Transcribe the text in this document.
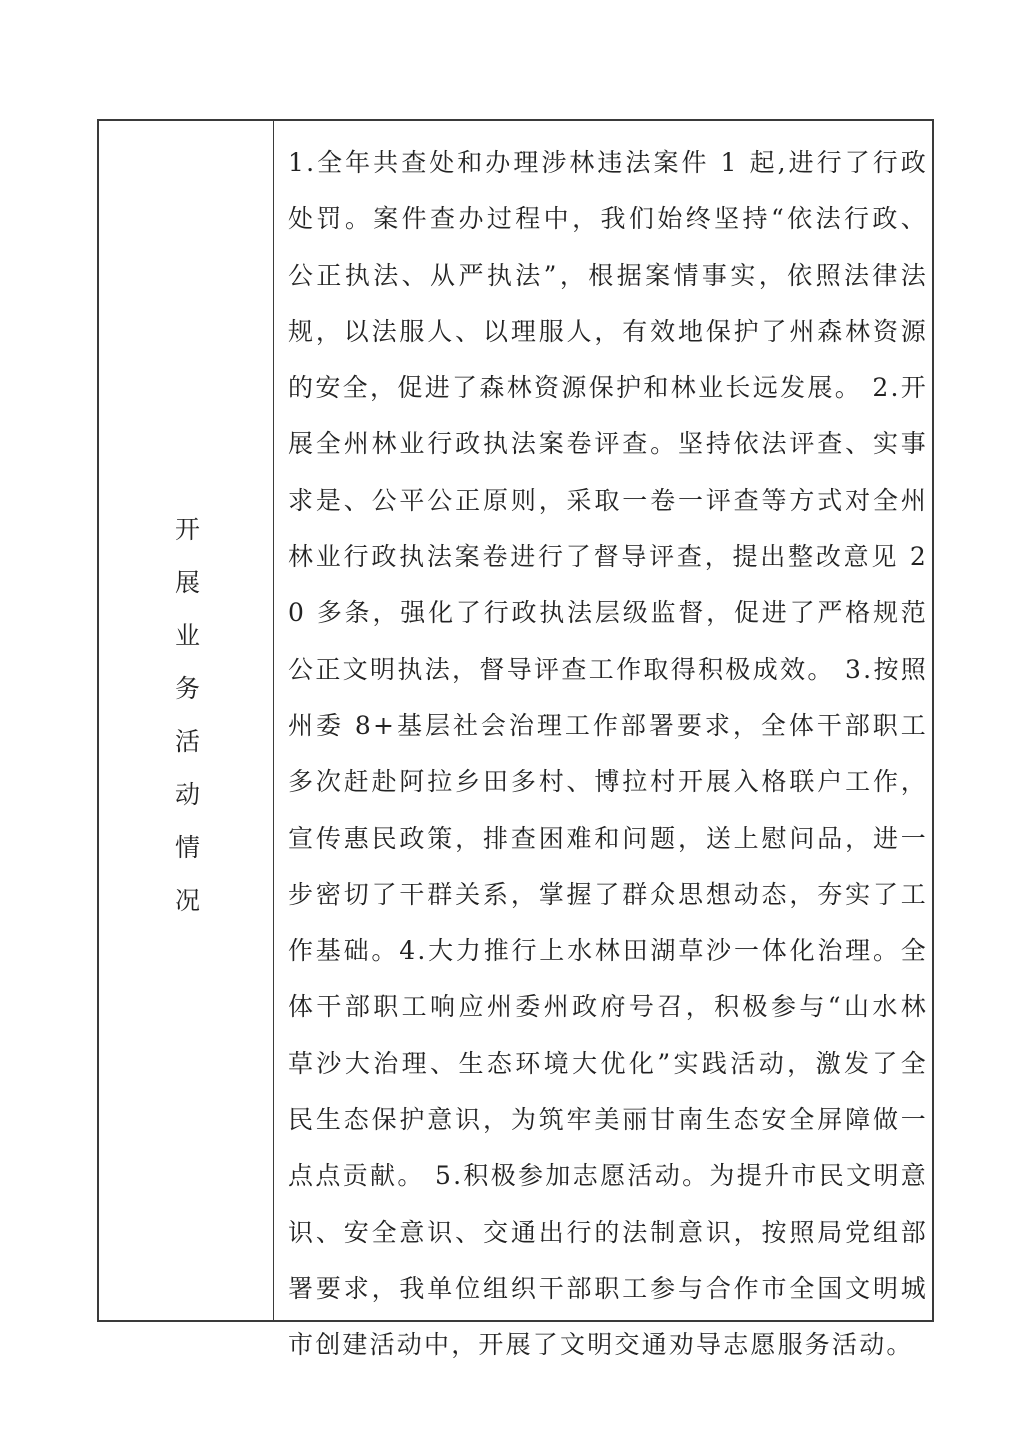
开展业务活动情况

1.全年共查处和办理涉林违法案件 1 起,进行了行政处罚。案件查办过程中，我们始终坚持“依法行政、公正执法、从严执法”，根据案情事实，依照法律法规，以法服人、以理服人，有效地保护了州森林资源的安全，促进了森林资源保护和林业长远发展。 2.开展全州林业行政执法案卷评查。坚持依法评查、实事求是、公平公正原则，采取一卷一评查等方式对全州林业行政执法案卷进行了督导评查，提出整改意见 20 多条，强化了行政执法层级监督，促进了严格规范公正文明执法，督导评查工作取得积极成效。 3.按照州委 8+基层社会治理工作部署要求，全体干部职工多次赶赴阿拉乡田多村、博拉村开展入格联户工作，宣传惠民政策，排查困难和问题，送上慰问品，进一步密切了干群关系，掌握了群众思想动态，夯实了工作基础。4.大力推行上水林田湖草沙一体化治理。全体干部职工响应州委州政府号召，积极参与“山水林草沙大治理、生态环境大优化”实践活动，激发了全民生态保护意识，为筑牢美丽甘南生态安全屏障做一点点贡献。 5.积极参加志愿活动。为提升市民文明意识、安全意识、交通出行的法制意识，按照局党组部署要求，我单位组织干部职工参与合作市全国文明城市创建活动中，开展了文明交通劝导志愿服务活动。
